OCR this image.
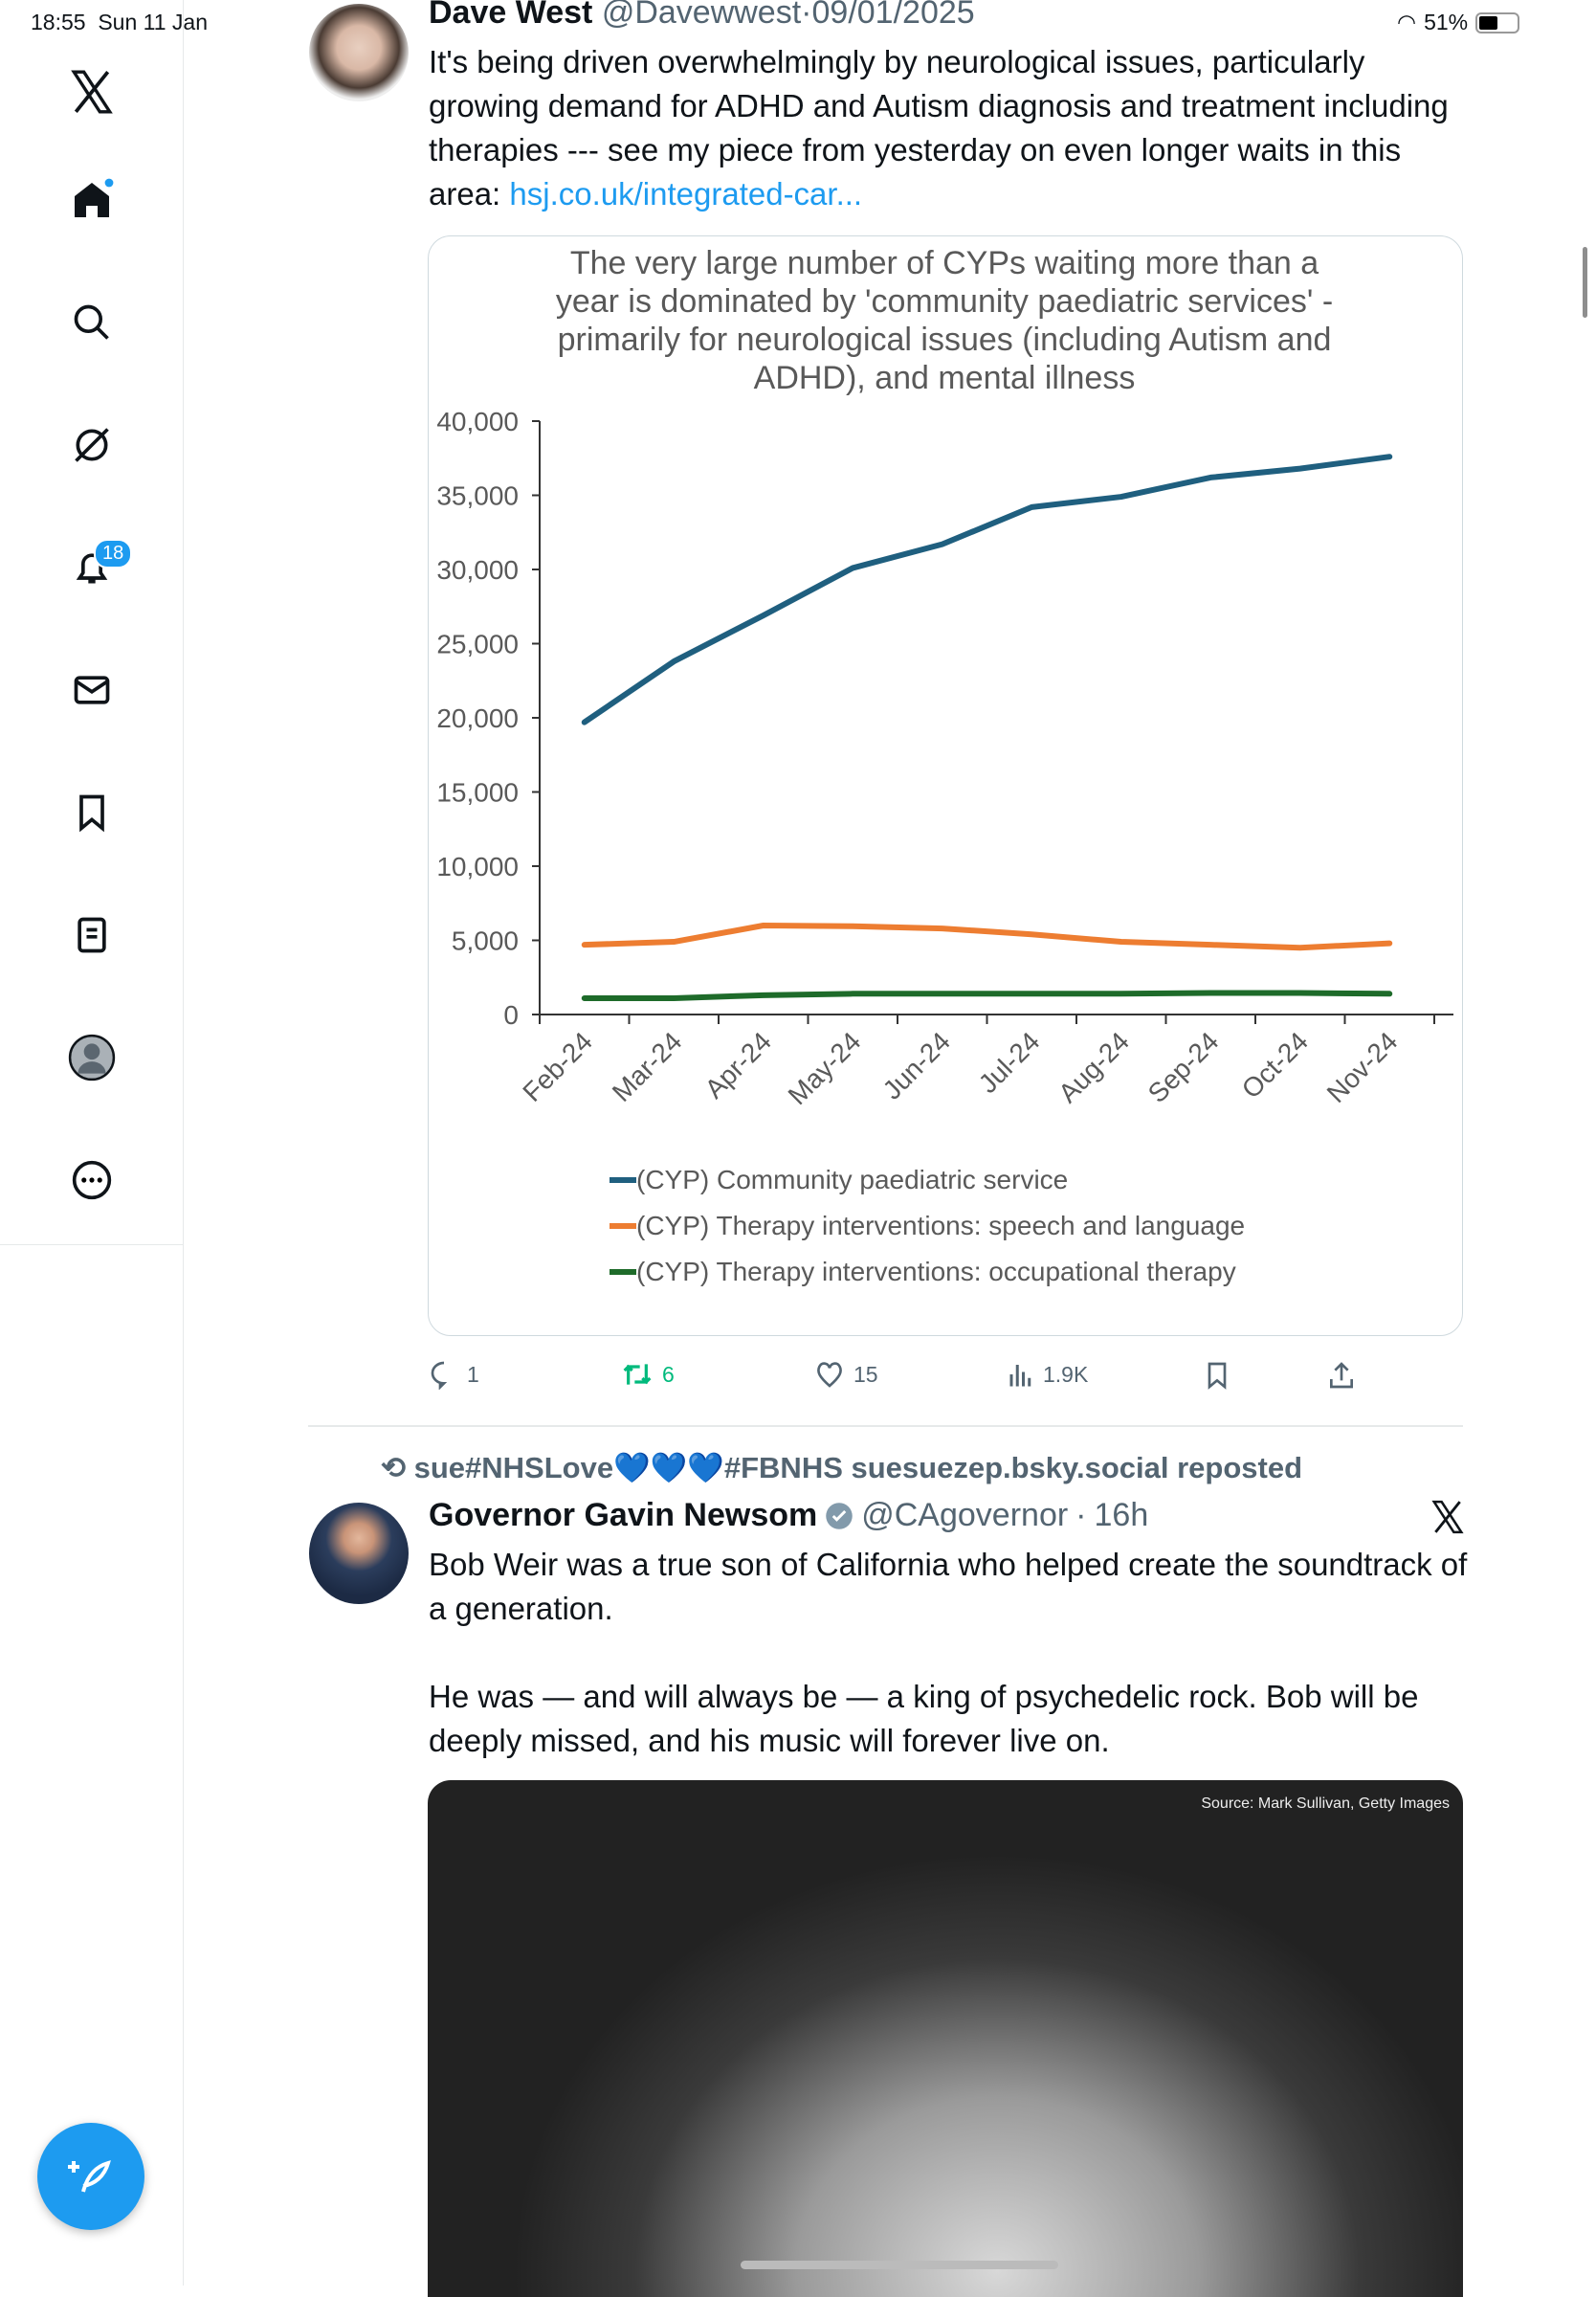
18:55 Sun 11 Jan	◠ 51%
18
Dave West @Davewwest·09/01/2025
It's being driven overwhelmingly by neurological issues, particularly growing demand for ADHD and Autism diagnosis and treatment including therapies --- see my piece from yesterday on even longer waits in this area: hsj.co.uk/integrated-car...
The very large number of CYPs waiting more than a year is dominated by 'community paediatric services' -primarily for neurological issues (including Autism and ADHD), and mental illness
0
5,000
10,000
15,000
20,000
25,000
30,000
35,000
40,000
Feb-24 Mar-24 Apr-24 May-24 Jun-24 Jul-24 Aug-24 Sep-24 Oct-24 Nov-24
(CYP) Community paediatric service
(CYP) Therapy interventions: speech and language
(CYP) Therapy interventions: occupational therapy
1	6	15	1.9K
⟲ sue#NHSLove💙💙💙#FBNHS suesuezep.bsky.social reposted
Governor Gavin Newsom @CAgovernor · 16h
Bob Weir was a true son of California who helped create the soundtrack of a generation.
He was — and will always be — a king of psychedelic rock. Bob will be deeply missed, and his music will forever live on.
Source: Mark Sullivan, Getty Images
